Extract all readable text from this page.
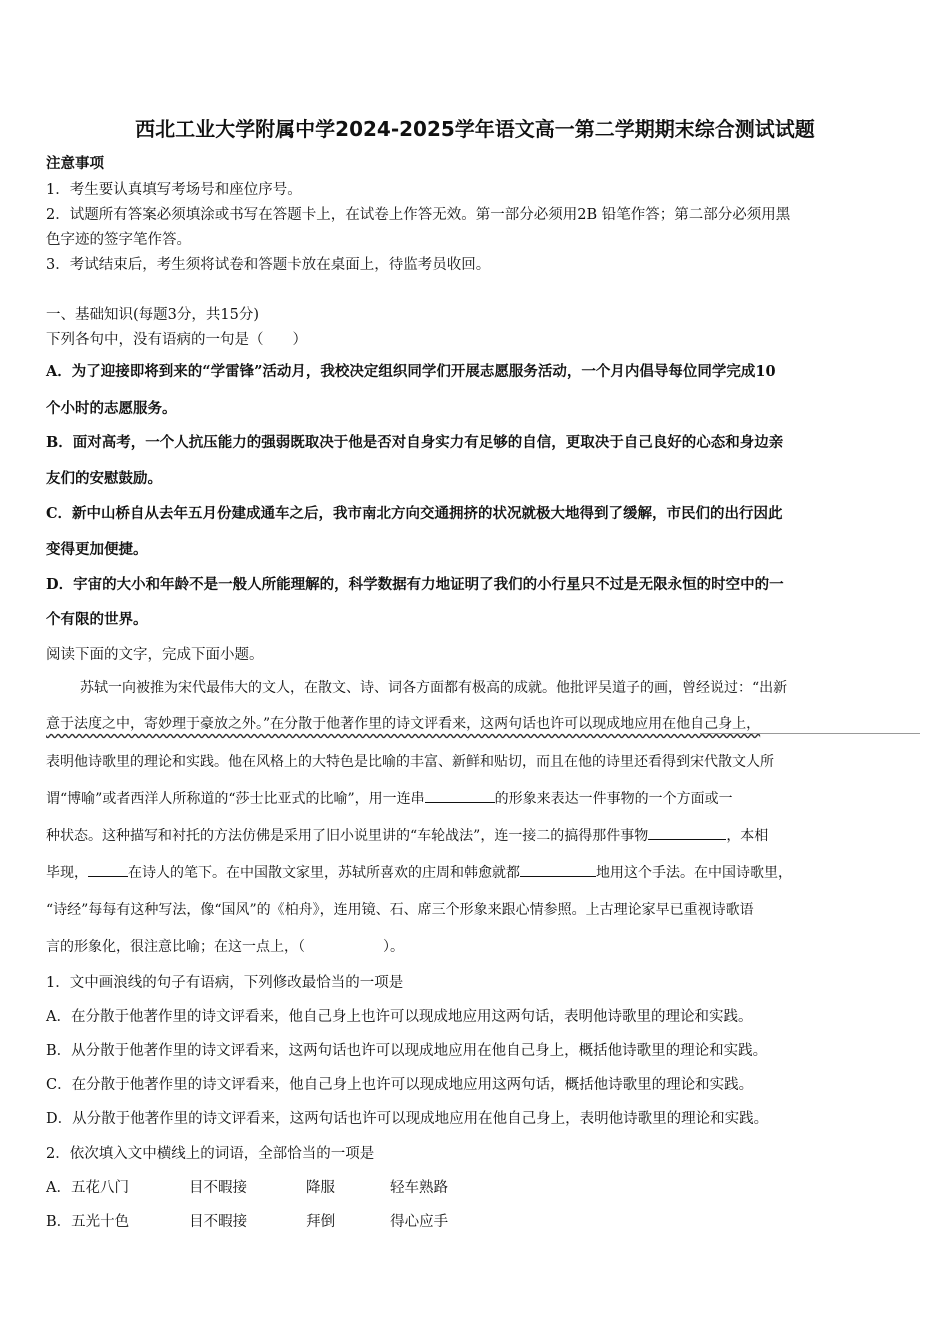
西北工业大学附属中学2024-2025学年语文高一第二学期期末综合测试试题
注意事项
1．考生要认真填写考场号和座位序号。
2．试题所有答案必须填涂或书写在答题卡上，在试卷上作答无效。第一部分必须用2B 铅笔作答；第二部分必须用黑
色字迹的签字笔作答。
3．考试结束后，考生须将试卷和答题卡放在桌面上，待监考员收回。
一、基础知识(每题3分，共15分)
下列各句中，没有语病的一句是（　　）
A．为了迎接即将到来的“学雷锋”活动月，我校决定组织同学们开展志愿服务活动，一个月内倡导每位同学完成10
个小时的志愿服务。
B．面对高考，一个人抗压能力的强弱既取决于他是否对自身实力有足够的自信，更取决于自己良好的心态和身边亲
友们的安慰鼓励。
C．新中山桥自从去年五月份建成通车之后，我市南北方向交通拥挤的状况就极大地得到了缓解，市民们的出行因此
变得更加便捷。
D．宇宙的大小和年龄不是一般人所能理解的，科学数据有力地证明了我们的小行星只不过是无限永恒的时空中的一
个有限的世界。
阅读下面的文字，完成下面小题。
苏轼一向被推为宋代最伟大的文人，在散文、诗、词各方面都有极高的成就。他批评吴道子的画，曾经说过：“出新
意于法度之中，寄妙理于豪放之外。”在分散于他著作里的诗文评看来，这两句话也许可以现成地应用在他自己身上，
表明他诗歌里的理论和实践。他在风格上的大特色是比喻的丰富、新鲜和贴切，而且在他的诗里还看得到宋代散文人所
谓“博喻”或者西洋人所称道的“莎士比亚式的比喻”，用一连串	的形象来表达一件事物的一个方面或一
种状态。这种描写和衬托的方法仿佛是采用了旧小说里讲的“车轮战法”，连一接二的搞得那件事物	，本相
毕现，	在诗人的笔下。在中国散文家里，苏轼所喜欢的庄周和韩愈就都	地用这个手法。在中国诗歌里，
“诗经”每每有这种写法，像“国风”的《柏舟》，连用镜、石、席三个形象来跟心情参照。上古理论家早已重视诗歌语
言的形象化，很注意比喻；在这一点上，（	）。
1．文中画浪线的句子有语病，下列修改最恰当的一项是
A．在分散于他著作里的诗文评看来，他自己身上也许可以现成地应用这两句话，表明他诗歌里的理论和实践。
B．从分散于他著作里的诗文评看来，这两句话也许可以现成地应用在他自己身上，概括他诗歌里的理论和实践。
C．在分散于他著作里的诗文评看来，他自己身上也许可以现成地应用这两句话，概括他诗歌里的理论和实践。
D．从分散于他著作里的诗文评看来，这两句话也许可以现成地应用在他自己身上，表明他诗歌里的理论和实践。
2．依次填入文中横线上的词语，全部恰当的一项是
A．五花八门	目不暇接	降服	轻车熟路
B．五光十色	目不暇接	拜倒	得心应手
